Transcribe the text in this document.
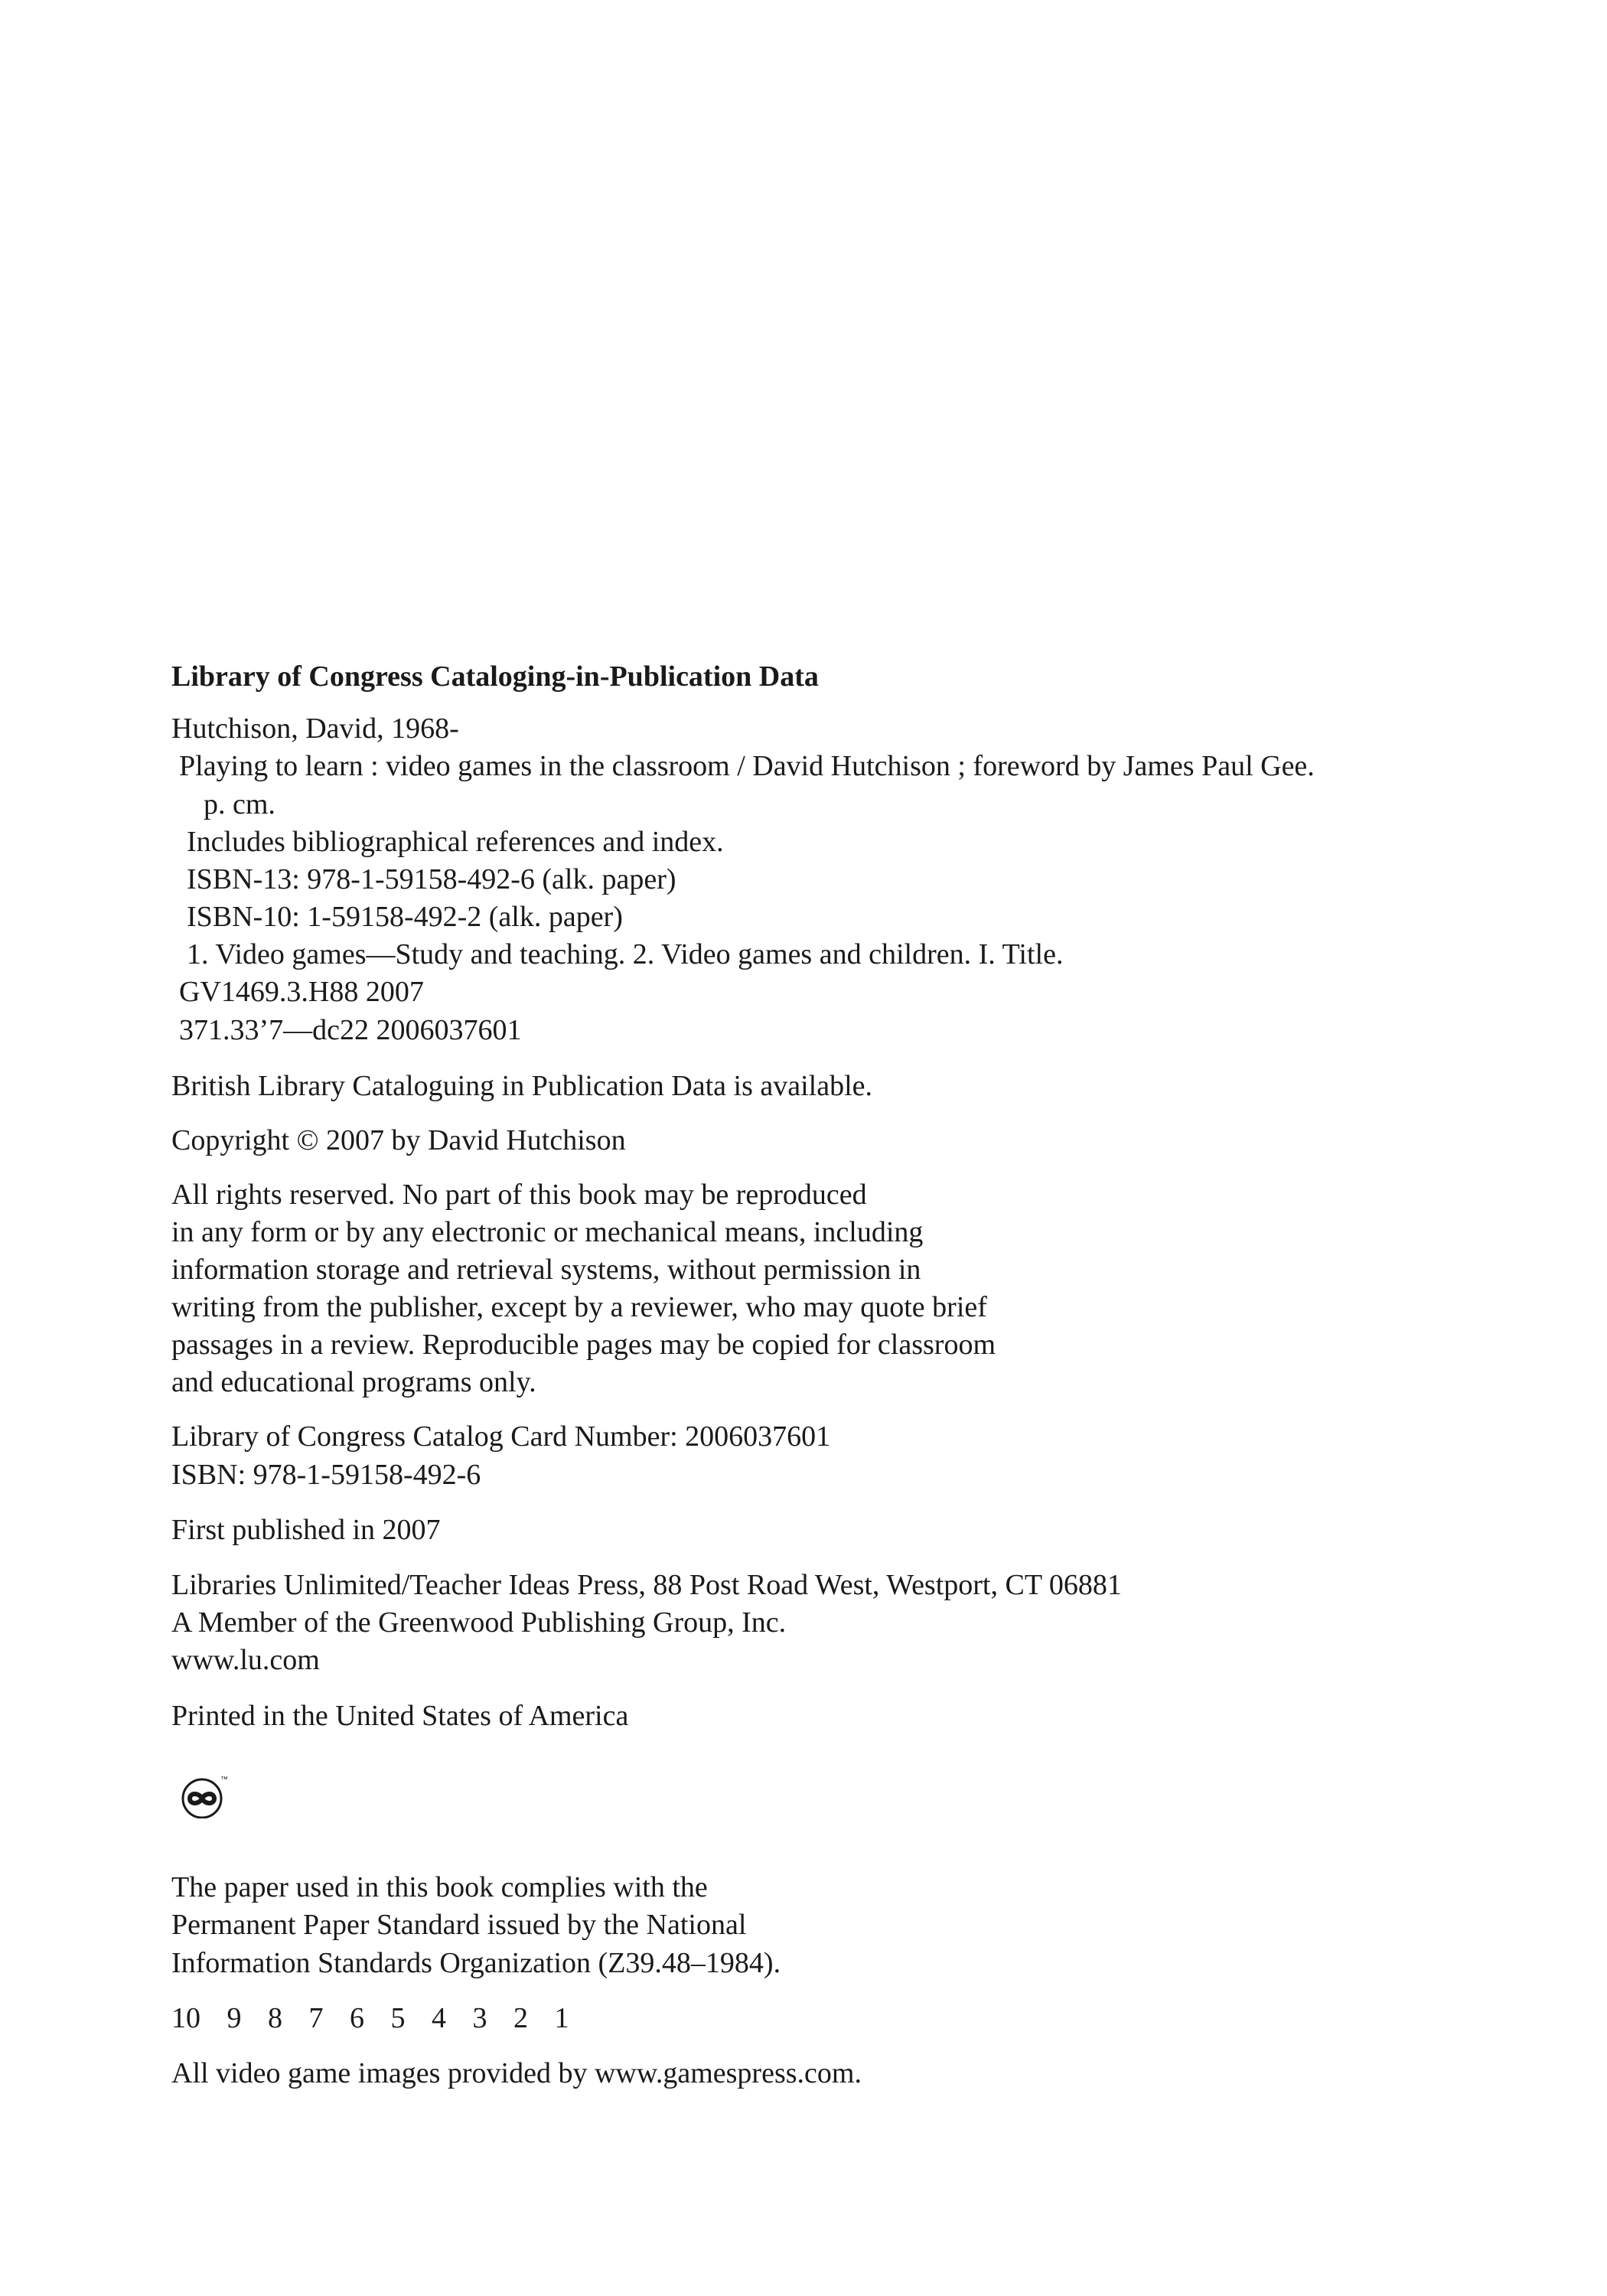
Library of Congress Cataloging-in-Publication Data

Hutchison, David, 1968-

Playing to learn : video games in the classroom / David Hutchison ; foreword by James Paul Gee.

p. cm.

Includes bibliographical references and index.

ISBN-13: 978-1-59158-492-6 (alk. paper)

ISBN-10: 1-59158-492-2 (alk. paper)

1. Video games—Study and teaching. 2. Video games and children. I. Title.

GV1469.3.H88 2007

371.33’7—dc22 2006037601

British Library Cataloguing in Publication Data is available.

Copyright © 2007 by David Hutchison

All rights reserved. No part of this book may be reproduced

in any form or by any electronic or mechanical means, including

information storage and retrieval systems, without permission in

writing from the publisher, except by a reviewer, who may quote brief

passages in a review. Reproducible pages may be copied for classroom

and educational programs only.

Library of Congress Catalog Card Number: 2006037601

ISBN: 978-1-59158-492-6

First published in 2007

Libraries Unlimited/Teacher Ideas Press, 88 Post Road West, Westport, CT 06881

A Member of the Greenwood Publishing Group, Inc.

www.lu.com

Printed in the United States of America

™

The paper used in this book complies with the

Permanent Paper Standard issued by the National

Information Standards Organization (Z39.48–1984).

10 9 8 7 6 5 4 3 2 1

All video game images provided by www.gamespress.com.
